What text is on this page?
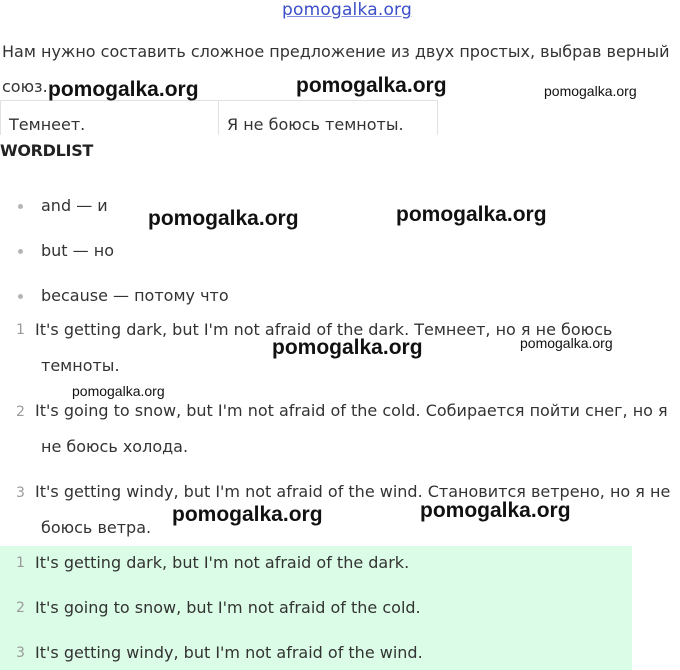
pomogalka.org

Нам нужно составить сложное предложение из двух простых, выбрав верный

союз.

Темнеет.	Я не боюсь темноты.
WORDLIST
and — и
but — но
because — потому что
1 It's getting dark, but I'm not afraid of the dark. Темнеет, но я не боюсь
темноты.
2 It's going to snow, but I'm not afraid of the cold. Собирается пойти снег, но я
не боюсь холода.
3 It's getting windy, but I'm not afraid of the wind. Становится ветрено, но я не
боюсь ветра.
1 It's getting dark, but I'm not afraid of the dark.
2 It's going to snow, but I'm not afraid of the cold.
3 It's getting windy, but I'm not afraid of the wind.
pomogalka.org	pomogalka.org	pomogalka.org
pomogalka.org	pomogalka.org
pomogalka.org	pomogalka.org
pomogalka.org
pomogalka.org	pomogalka.org
